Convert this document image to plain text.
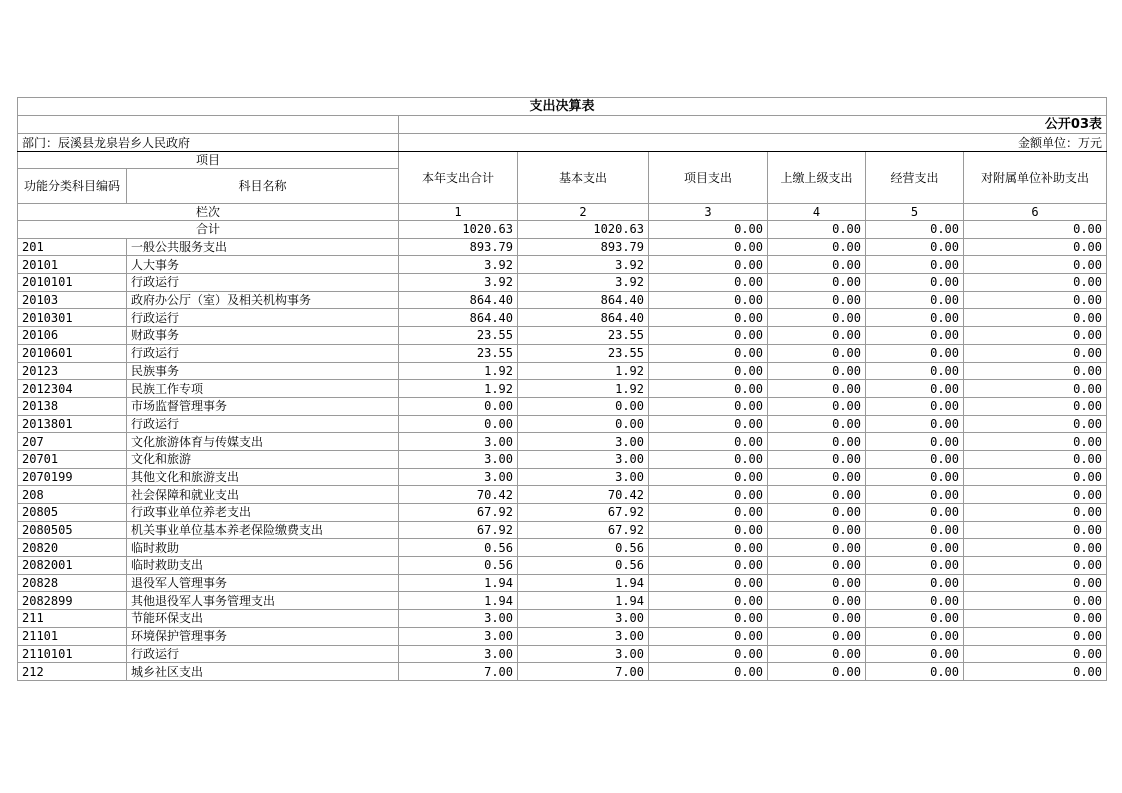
支出决算表							
		公开03表					
部门：辰溪县龙泉岩乡人民政府		金额单位：万元					
项目		本年支出合计	基本支出	项目支出	上缴上级支出	经营支出	对附属单位补助支出
功能分类科目编码	科目名称						
栏次		1	2	3	4	5	6
合计		1020.63	1020.63	0.00	0.00	0.00	0.00
201	一般公共服务支出	893.79	893.79	0.00	0.00	0.00	0.00
20101	人大事务	3.92	3.92	0.00	0.00	0.00	0.00
2010101	行政运行	3.92	3.92	0.00	0.00	0.00	0.00
20103	政府办公厅（室）及相关机构事务	864.40	864.40	0.00	0.00	0.00	0.00
2010301	行政运行	864.40	864.40	0.00	0.00	0.00	0.00
20106	财政事务	23.55	23.55	0.00	0.00	0.00	0.00
2010601	行政运行	23.55	23.55	0.00	0.00	0.00	0.00
20123	民族事务	1.92	1.92	0.00	0.00	0.00	0.00
2012304	民族工作专项	1.92	1.92	0.00	0.00	0.00	0.00
20138	市场监督管理事务	0.00	0.00	0.00	0.00	0.00	0.00
2013801	行政运行	0.00	0.00	0.00	0.00	0.00	0.00
207	文化旅游体育与传媒支出	3.00	3.00	0.00	0.00	0.00	0.00
20701	文化和旅游	3.00	3.00	0.00	0.00	0.00	0.00
2070199	其他文化和旅游支出	3.00	3.00	0.00	0.00	0.00	0.00
208	社会保障和就业支出	70.42	70.42	0.00	0.00	0.00	0.00
20805	行政事业单位养老支出	67.92	67.92	0.00	0.00	0.00	0.00
2080505	机关事业单位基本养老保险缴费支出	67.92	67.92	0.00	0.00	0.00	0.00
20820	临时救助	0.56	0.56	0.00	0.00	0.00	0.00
2082001	临时救助支出	0.56	0.56	0.00	0.00	0.00	0.00
20828	退役军人管理事务	1.94	1.94	0.00	0.00	0.00	0.00
2082899	其他退役军人事务管理支出	1.94	1.94	0.00	0.00	0.00	0.00
211	节能环保支出	3.00	3.00	0.00	0.00	0.00	0.00
21101	环境保护管理事务	3.00	3.00	0.00	0.00	0.00	0.00
2110101	行政运行	3.00	3.00	0.00	0.00	0.00	0.00
212	城乡社区支出	7.00	7.00	0.00	0.00	0.00	0.00
